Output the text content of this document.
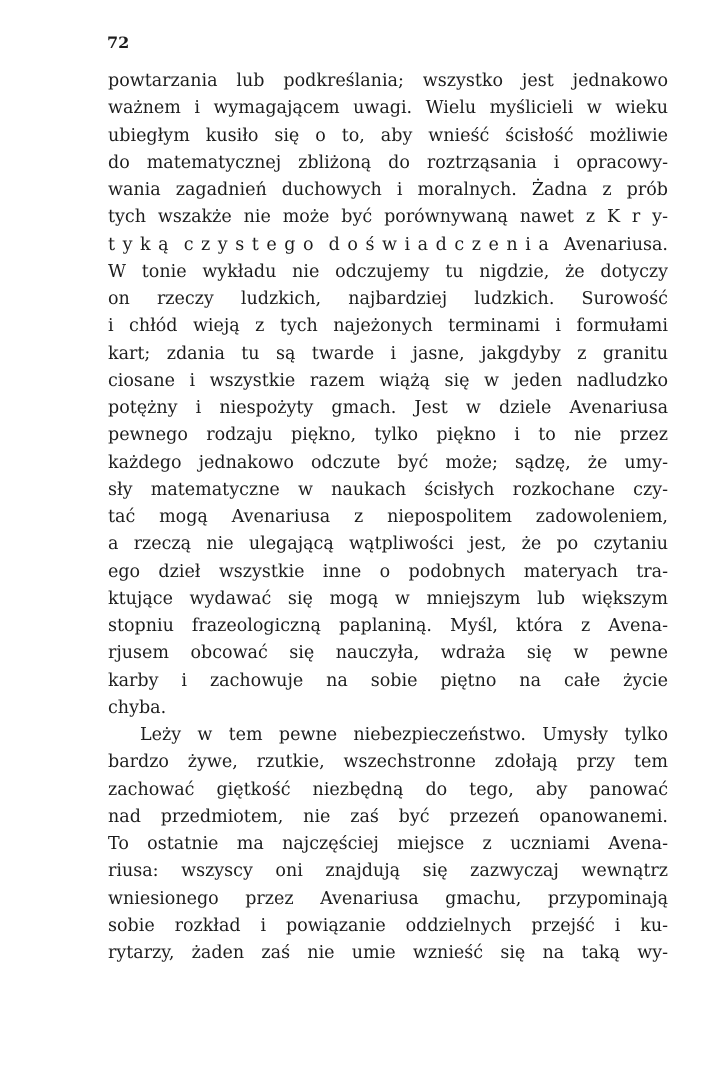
72
powtarzania lub podkreślania; wszystko jest jednakowo
ważnem i wymagającem uwagi. Wielu myślicieli w wieku
ubiegłym kusiło się o to, aby wnieść ścisłość możliwie
do matematycznej zbliżoną do roztrząsania i opracowy-
wania zagadnień duchowych i moralnych. Żadna z prób
tych wszakże nie może być porównywaną nawet z K r y-
t y k ą  c z y s t e g o  d o ś w i a d c z e n i a  Avenariusa.
W tonie wykładu nie odczujemy tu nigdzie, że dotyczy
on rzeczy ludzkich, najbardziej ludzkich. Surowość
i chłód wieją z tych najeżonych terminami i formułami
kart; zdania tu są twarde i jasne, jakgdyby z granitu
ciosane i wszystkie razem wiążą się w jeden nadludzko
potężny i niespożyty gmach. Jest w dziele Avenariusa
pewnego rodzaju piękno, tylko piękno i to nie przez
każdego jednakowo odczute być może; sądzę, że umy-
sły matematyczne w naukach ścisłych rozkochane czy-
tać mogą Avenariusa z niepospolitem zadowoleniem,
a rzeczą nie ulegającą wątpliwości jest, że po czytaniu
ego dzieł wszystkie inne o podobnych materyach tra-
ktujące wydawać się mogą w mniejszym lub większym
stopniu frazeologiczną paplaniną. Myśl, która z Avena-
rjusem obcować się nauczyła, wdraża się w pewne
karby i zachowuje na sobie piętno na całe życie
chyba.
Leży w tem pewne niebezpieczeństwo. Umysły tylko
bardzo żywe, rzutkie, wszechstronne zdołają przy tem
zachować giętkość niezbędną do tego, aby panować
nad przedmiotem, nie zaś być przezeń opanowanemi.
To ostatnie ma najczęściej miejsce z uczniami Avena-
riusa: wszyscy oni znajdują się zazwyczaj wewnątrz
wniesionego przez Avenariusa gmachu, przypominają
sobie rozkład i powiązanie oddzielnych przejść i ku-
rytarzy, żaden zaś nie umie wznieść się na taką wy-
